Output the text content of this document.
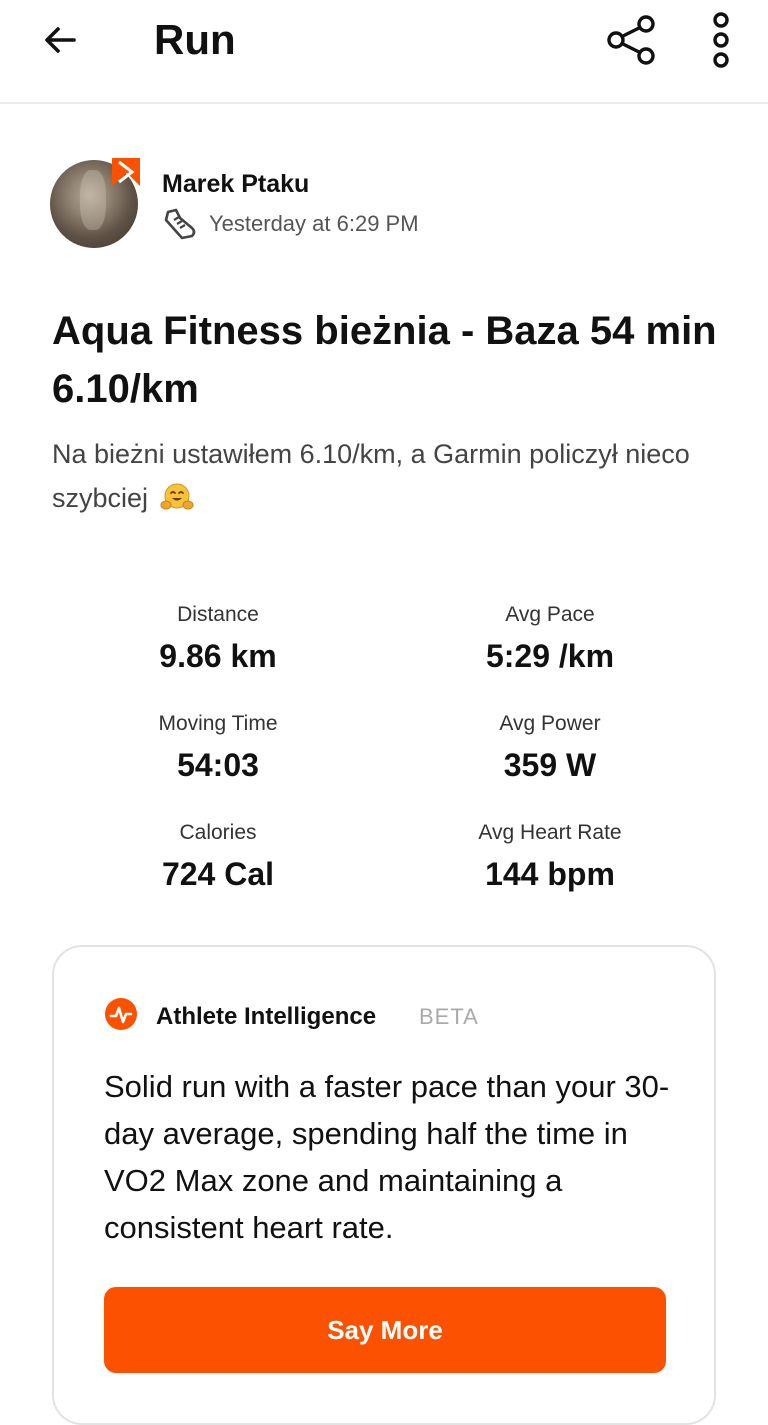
Run
Marek Ptaku
Yesterday at 6:29 PM
Aqua Fitness bieżnia - Baza 54 min 6.10/km
Na bieżni ustawiłem 6.10/km, a Garmin policzył nieco szybciej
Distance
9.86 km
Avg Pace
5:29 /km
Moving Time
54:03
Avg Power
359 W
Calories
724 Cal
Avg Heart Rate
144 bpm
Athlete Intelligence BETA
Solid run with a faster pace than your 30-day average, spending half the time in VO2 Max zone and maintaining a consistent heart rate.
Say More
